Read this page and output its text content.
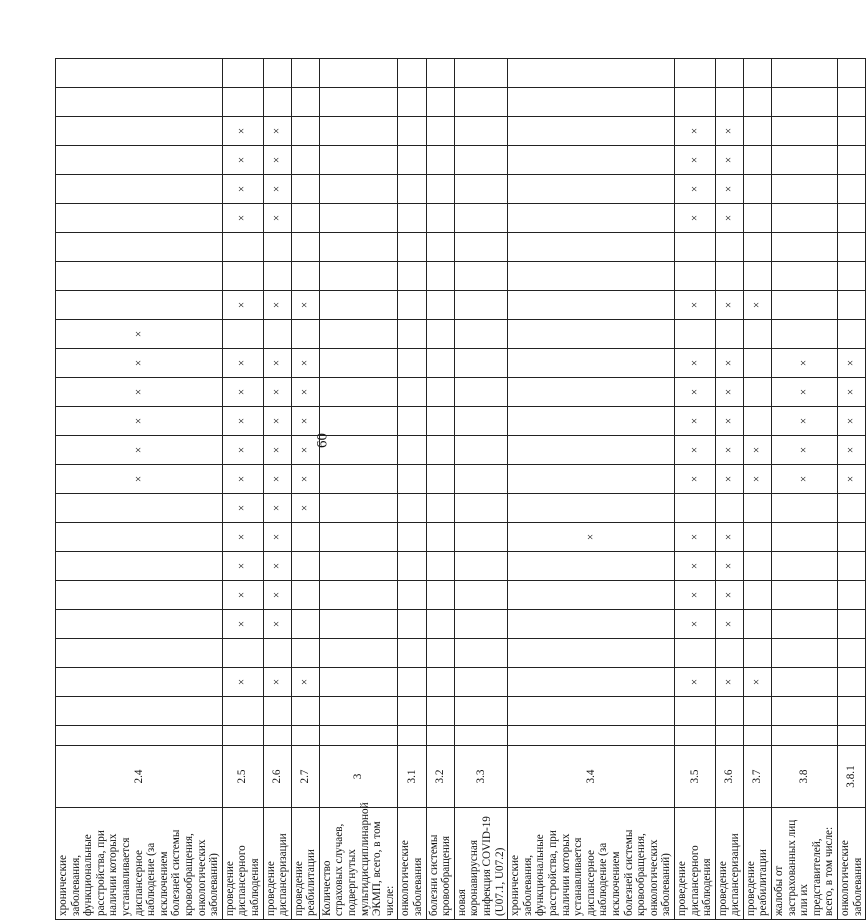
60
хронические заболевания, функциональные расстройства, при наличии которых устанавливается диспансерное наблюдение (за исключением болезней системы кровообращения, онкологических заболеваний)	2.4										×	×	×	×	×	×									
проведение диспансерного наблюдения	2.5			×		×	×	×	×	×	×	×	×	×	×		×			×	×	×	×		
проведение диспансеризации	2.6			×		×	×	×	×	×	×	×	×	×	×		×			×	×	×	×		
проведение реабилитации	2.7			×						×	×	×	×	×	×		×								
Количество страховых случаев, подвергнутых мультидисциплинарной ЭКМП, всего, в том числе:	3																								
онкологические заболевания	3.1																								
болезни системы кровообращения	3.2																								
новая коронавирусная инфекция COVID-19 (U07.1, U07.2)	3.3																								
хронические заболевания, функциональные расстройства, при наличии которых устанавливается диспансерное наблюдение (за исключением болезней системы кровообращения, онкологических заболеваний)	3.4								×																
проведение диспансерного наблюдения	3.5			×		×	×	×	×		×	×	×	×	×		×			×	×	×	×		
проведение диспансеризации	3.6			×		×	×	×	×		×	×	×	×	×		×			×	×	×	×		
проведение реабилитации	3.7			×							×	×					×								
жалобы от застрахованных лиц или их представителей, всего, в том числе:	3.8										×	×	×	×	×										
онкологические заболевания	3.8.1										×	×	×	×	×										
